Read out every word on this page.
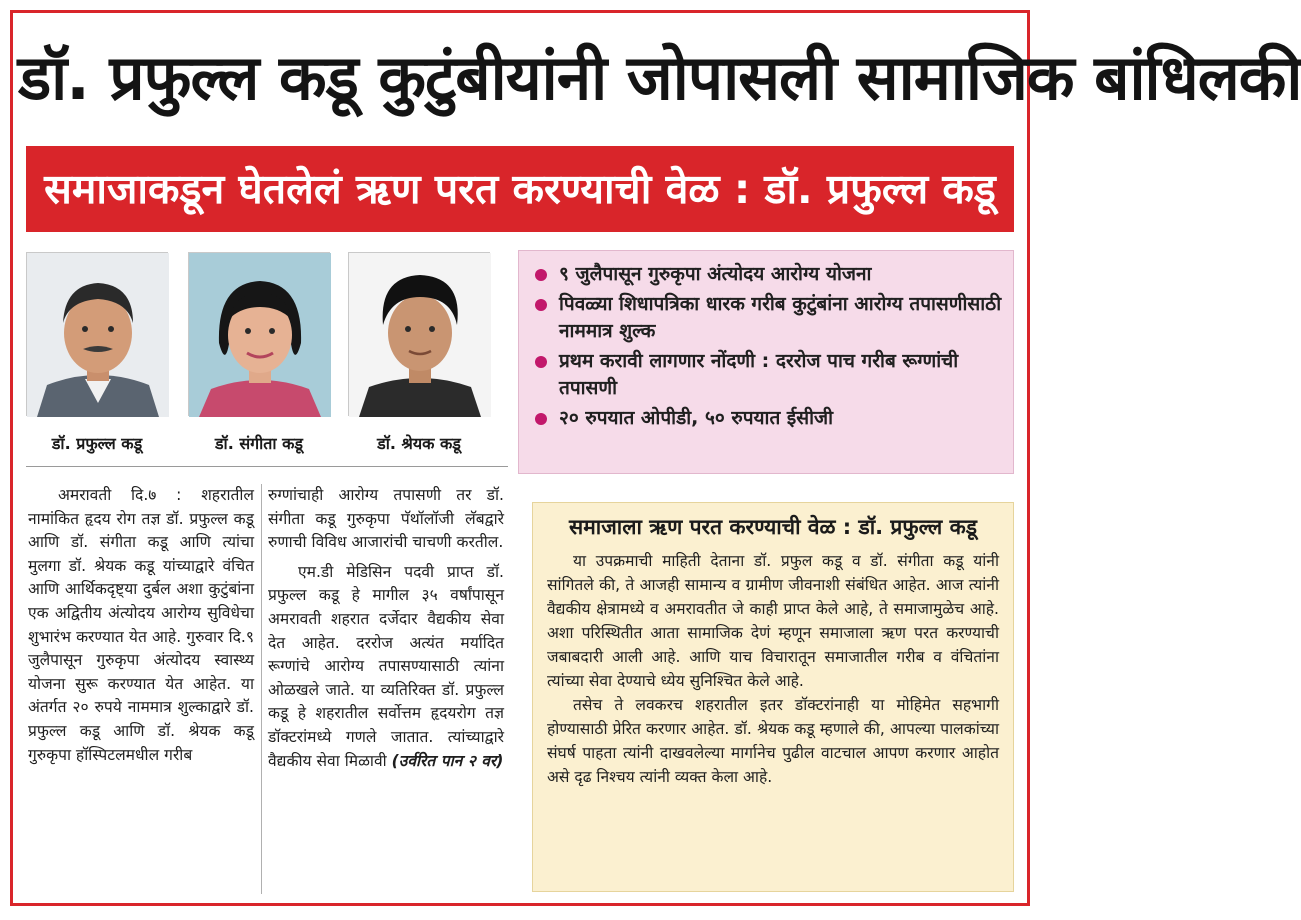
डॉ. प्रफुल्ल कडू कुटुंबीयांनी जोपासली सामाजिक बांधिलकी
समाजाकडून घेतलेलं ऋण परत करण्याची वेळ : डॉ. प्रफुल्ल कडू
डॉ. प्रफुल्ल कडू	डॉ. संगीता कडू	डॉ. श्रेयक कडू
९ जुलैपासून गुरुकृपा अंत्योदय आरोग्य योजना
पिवळ्या शिधापत्रिका धारक गरीब कुटुंबांना आरोग्य तपासणीसाठी नाममात्र शुल्क
प्रथम करावी लागणार नोंदणी : दररोज पाच गरीब रूग्णांची तपासणी
२० रुपयात ओपीडी, ५० रुपयात ईसीजी

अमरावती दि.७ : शहरातील नामांकित हृदय रोग तज्ञ डॉ. प्रफुल्ल कडू आणि डॉ. संगीता कडू आणि त्यांचा मुलगा डॉ. श्रेयक कडू यांच्याद्वारे वंचित आणि आर्थिकदृष्ट्या दुर्बल अशा कुटुंबांना एक अद्वितीय अंत्योदय आरोग्य सुविधेचा शुभारंभ करण्यात येत आहे. गुरुवार दि.९ जुलैपासून गुरुकृपा अंत्योदय स्वास्थ्य योजना सुरू करण्यात येत आहेत. या अंतर्गत २० रुपये नाममात्र शुल्काद्वारे डॉ. प्रफुल्ल कडू आणि डॉ. श्रेयक कडू गुरुकृपा हॉस्पिटलमधील गरीब

रुग्णांचाही आरोग्य तपासणी तर डॉ. संगीता कडू गुरुकृपा पॅथॉलॉजी लॅबद्वारे रुणाची विविध आजारांची चाचणी करतील.

एम.डी मेडिसिन पदवी प्राप्त डॉ. प्रफुल्ल कडू हे मागील ३५ वर्षांपासून अमरावती शहरात दर्जेदार वैद्यकीय सेवा देत आहेत. दररोज अत्यंत मर्यादित रूग्णांचे आरोग्य तपासण्यासाठी त्यांना ओळखले जाते. या व्यतिरिक्त डॉ. प्रफुल्ल कडू हे शहरातील सर्वोत्तम हृदयरोग तज्ञ डॉक्टरांमध्ये गणले जातात. त्यांच्याद्वारे वैद्यकीय सेवा मिळावी (उर्वरित पान २ वर)

समाजाला ऋण परत करण्याची वेळ : डॉ. प्रफुल्ल कडू

या उपक्रमाची माहिती देताना डॉ. प्रफुल कडू व डॉ. संगीता कडू यांनी सांगितले की, ते आजही सामान्य व ग्रामीण जीवनाशी संबंधित आहेत. आज त्यांनी वैद्यकीय क्षेत्रामध्ये व अमरावतीत जे काही प्राप्त केले आहे, ते समाजामुळेच आहे. अशा परिस्थितीत आता सामाजिक देणं म्हणून समाजाला ऋण परत करण्याची जबाबदारी आली आहे. आणि याच विचारातून समाजातील गरीब व वंचितांना त्यांच्या सेवा देण्याचे ध्येय सुनिश्चित केले आहे.

तसेच ते लवकरच शहरातील इतर डॉक्टरांनाही या मोहिमेत सहभागी होण्यासाठी प्रेरित करणार आहेत. डॉ. श्रेयक कडू म्हणाले की, आपल्या पालकांच्या संघर्ष पाहता त्यांनी दाखवलेल्या मार्गानेच पुढील वाटचाल आपण करणार आहोत असे दृढ निश्चय त्यांनी व्यक्त केला आहे.
